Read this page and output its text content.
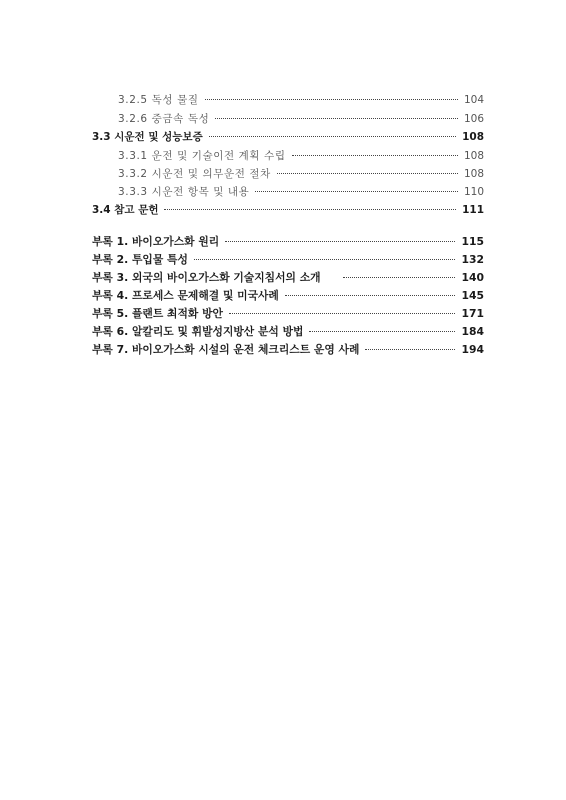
3.2.5 독성 물질	104
3.2.6 중금속 독성	106
3.3 시운전 및 성능보증	108
3.3.1 운전 및 기술이전 계획 수립	108
3.3.2 시운전 및 의무운전 절차	108
3.3.3 시운전 항목 및 내용	110
3.4 참고 문헌	111
부록 1. 바이오가스화 원리	115
부록 2. 투입물 특성	132
부록 3. 외국의 바이오가스화 기술지침서의 소개	140
부록 4. 프로세스 문제해결 및 미국사례	145
부록 5. 플랜트 최적화 방안	171
부록 6. 알칼리도 및 휘발성지방산 분석 방법	184
부록 7. 바이오가스화 시설의 운전 체크리스트 운영 사례	194
